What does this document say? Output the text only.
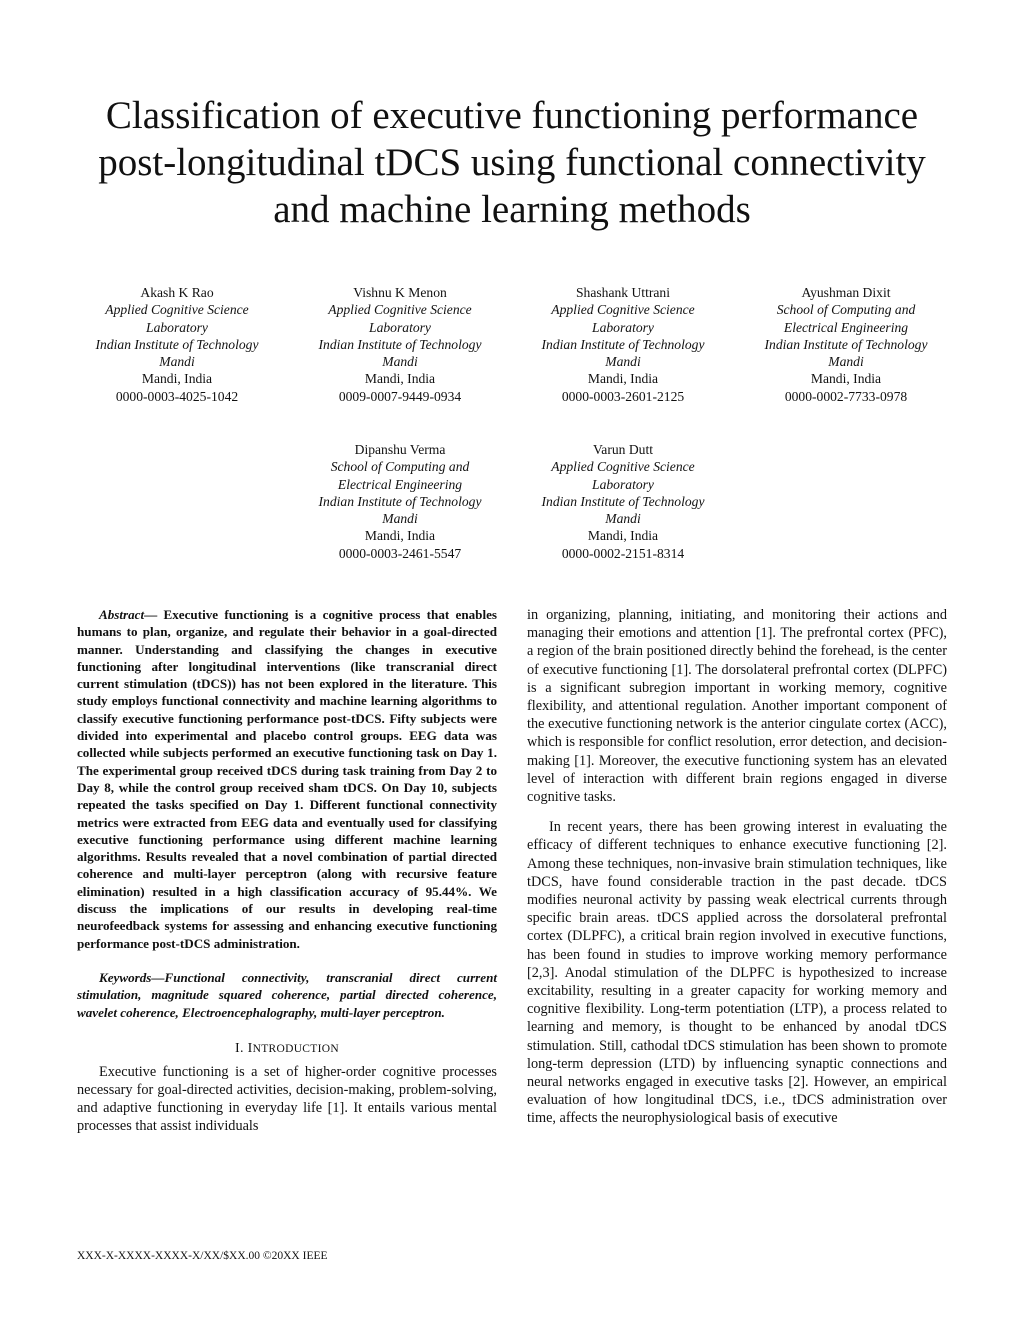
Classification of executive functioning performance
post-longitudinal tDCS using functional connectivity
and machine learning methods
Akash K Rao
Applied Cognitive Science
Laboratory
Indian Institute of Technology
Mandi
Mandi, India
0000-0003-4025-1042
Vishnu K Menon
Applied Cognitive Science
Laboratory
Indian Institute of Technology
Mandi
Mandi, India
0009-0007-9449-0934
Shashank Uttrani
Applied Cognitive Science
Laboratory
Indian Institute of Technology
Mandi
Mandi, India
0000-0003-2601-2125
Ayushman Dixit
School of Computing and
Electrical Engineering
Indian Institute of Technology
Mandi
Mandi, India
0000-0002-7733-0978
Dipanshu Verma
School of Computing and
Electrical Engineering
Indian Institute of Technology
Mandi
Mandi, India
0000-0003-2461-5547
Varun Dutt
Applied Cognitive Science
Laboratory
Indian Institute of Technology
Mandi
Mandi, India
0000-0002-2151-8314

Abstract— Executive functioning is a cognitive process that enables humans to plan, organize, and regulate their behavior in a goal-directed manner. Understanding and classifying the changes in executive functioning after longitudinal interventions (like transcranial direct current stimulation (tDCS)) has not been explored in the literature. This study employs functional connectivity and machine learning algorithms to classify executive functioning performance post-tDCS. Fifty subjects were divided into experimental and placebo control groups. EEG data was collected while subjects performed an executive functioning task on Day 1. The experimental group received tDCS during task training from Day 2 to Day 8, while the control group received sham tDCS. On Day 10, subjects repeated the tasks specified on Day 1. Different functional connectivity metrics were extracted from EEG data and eventually used for classifying executive functioning performance using different machine learning algorithms. Results revealed that a novel combination of partial directed coherence and multi-layer perceptron (along with recursive feature elimination) resulted in a high classification accuracy of 95.44%. We discuss the implications of our results in developing real-time neurofeedback systems for assessing and enhancing executive functioning performance post-tDCS administration.

Keywords—Functional connectivity, transcranial direct current stimulation, magnitude squared coherence, partial directed coherence, wavelet coherence, Electroencephalography, multi-layer perceptron.

I. INTRODUCTION

Executive functioning is a set of higher-order cognitive processes necessary for goal-directed activities, decision-making, problem-solving, and adaptive functioning in everyday life [1]. It entails various mental processes that assist individuals

in organizing, planning, initiating, and monitoring their actions and managing their emotions and attention [1]. The prefrontal cortex (PFC), a region of the brain positioned directly behind the forehead, is the center of executive functioning [1]. The dorsolateral prefrontal cortex (DLPFC) is a significant subregion important in working memory, cognitive flexibility, and attentional regulation. Another important component of the executive functioning network is the anterior cingulate cortex (ACC), which is responsible for conflict resolution, error detection, and decision-making [1]. Moreover, the executive functioning system has an elevated level of interaction with different brain regions engaged in diverse cognitive tasks.

In recent years, there has been growing interest in evaluating the efficacy of different techniques to enhance executive functioning [2]. Among these techniques, non-invasive brain stimulation techniques, like tDCS, have found considerable traction in the past decade. tDCS modifies neuronal activity by passing weak electrical currents through specific brain areas. tDCS applied across the dorsolateral prefrontal cortex (DLPFC), a critical brain region involved in executive functions, has been found in studies to improve working memory performance [2,3]. Anodal stimulation of the DLPFC is hypothesized to increase excitability, resulting in a greater capacity for working memory and cognitive flexibility. Long-term potentiation (LTP), a process related to learning and memory, is thought to be enhanced by anodal tDCS stimulation. Still, cathodal tDCS stimulation has been shown to promote long-term depression (LTD) by influencing synaptic connections and neural networks engaged in executive tasks [2]. However, an empirical evaluation of how longitudinal tDCS, i.e., tDCS administration over time, affects the neurophysiological basis of executive

XXX-X-XXXX-XXXX-X/XX/$XX.00 ©20XX IEEE
